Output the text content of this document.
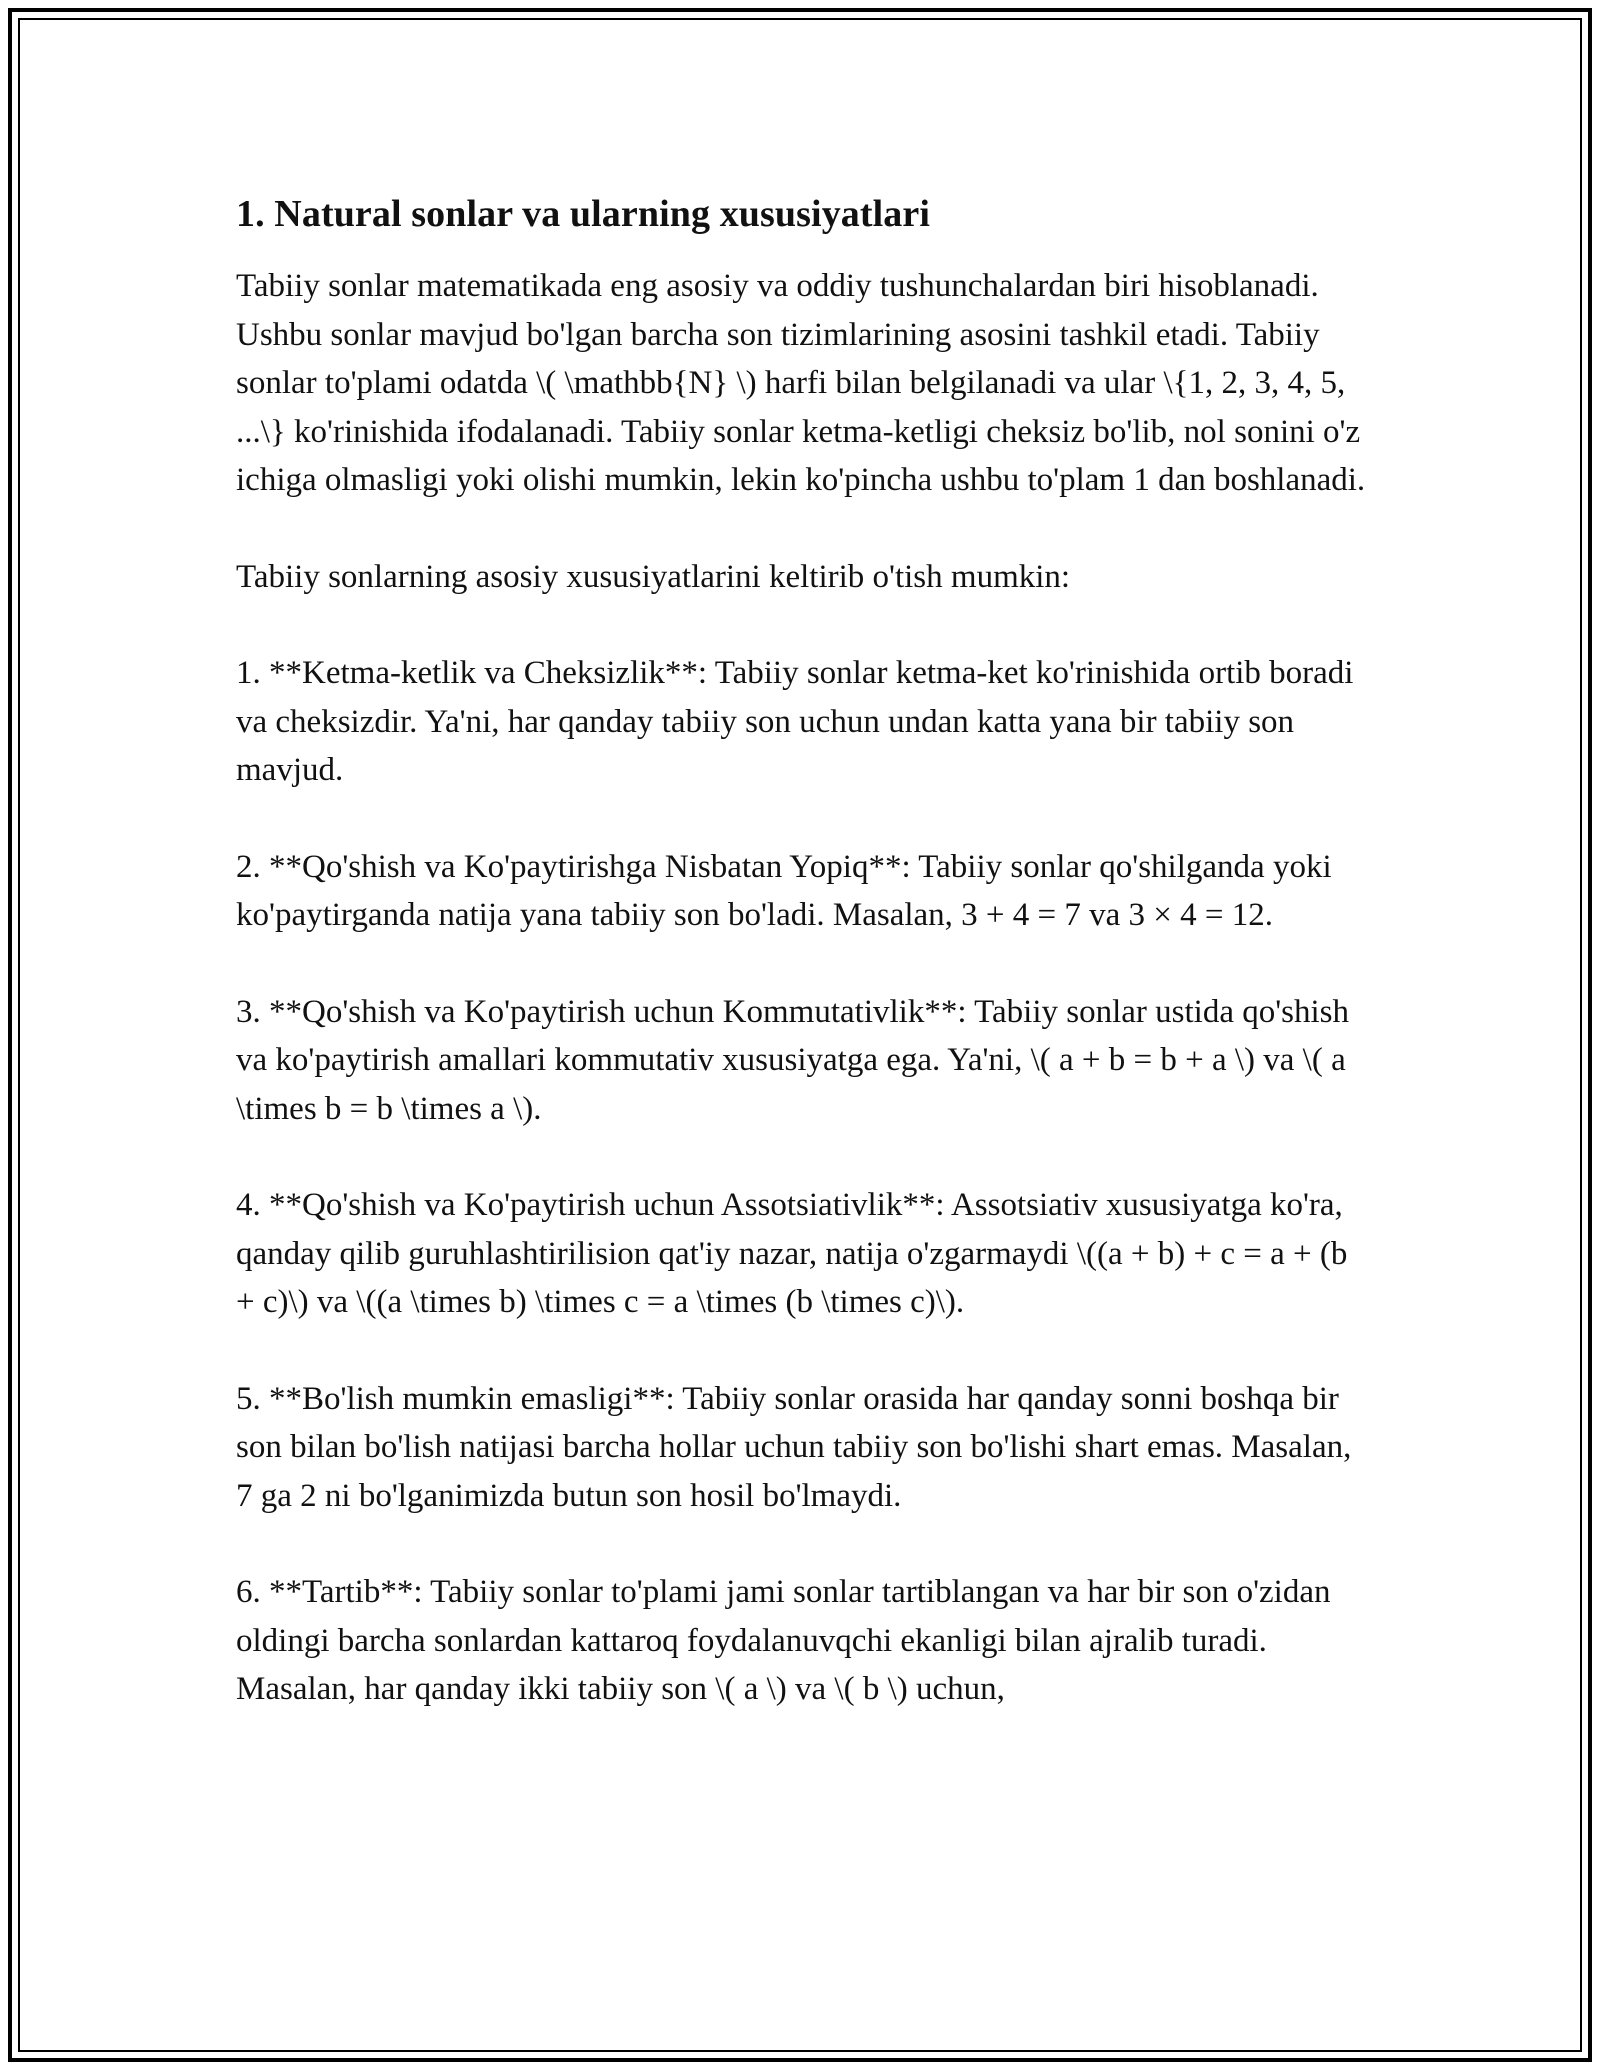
1. Natural sonlar va ularning xususiyatlari

Tabiiy sonlar matematikada eng asosiy va oddiy tushunchalardan biri hisoblanadi. Ushbu sonlar mavjud bo'lgan barcha son tizimlarining asosini tashkil etadi. Tabiiy sonlar to'plami odatda \( \mathbb{N} \) harfi bilan belgilanadi va ular \{1, 2, 3, 4, 5, ...\} ko'rinishida ifodalanadi. Tabiiy sonlar ketma-ketligi cheksiz bo'lib, nol sonini o'z ichiga olmasligi yoki olishi mumkin, lekin ko'pincha ushbu to'plam 1 dan boshlanadi.

Tabiiy sonlarning asosiy xususiyatlarini keltirib o'tish mumkin:

1. **Ketma-ketlik va Cheksizlik**: Tabiiy sonlar ketma-ket ko'rinishida ortib boradi va cheksizdir. Ya'ni, har qanday tabiiy son uchun undan katta yana bir tabiiy son mavjud.

2. **Qo'shish va Ko'paytirishga Nisbatan Yopiq**: Tabiiy sonlar qo'shilganda yoki ko'paytirganda natija yana tabiiy son bo'ladi. Masalan, 3 + 4 = 7 va 3 × 4 = 12.

3. **Qo'shish va Ko'paytirish uchun Kommutativlik**: Tabiiy sonlar ustida qo'shish va ko'paytirish amallari kommutativ xususiyatga ega. Ya'ni, \( a + b = b + a \) va \( a \times b = b \times a \).

4. **Qo'shish va Ko'paytirish uchun Assotsiativlik**: Assotsiativ xususiyatga ko'ra, qanday qilib guruhlashtirilision qat'iy nazar, natija o'zgarmaydi \((a + b) + c = a + (b + c)\) va \((a \times b) \times c = a \times (b \times c)\).

5. **Bo'lish mumkin emasligi**: Tabiiy sonlar orasida har qanday sonni boshqa bir son bilan bo'lish natijasi barcha hollar uchun tabiiy son bo'lishi shart emas. Masalan, 7 ga 2 ni bo'lganimizda butun son hosil bo'lmaydi.

6. **Tartib**: Tabiiy sonlar to'plami jami sonlar tartiblangan va har bir son o'zidan oldingi barcha sonlardan kattaroq foydalanuvqchi ekanligi bilan ajralib turadi. Masalan, har qanday ikki tabiiy son \( a \) va \( b \) uchun,
